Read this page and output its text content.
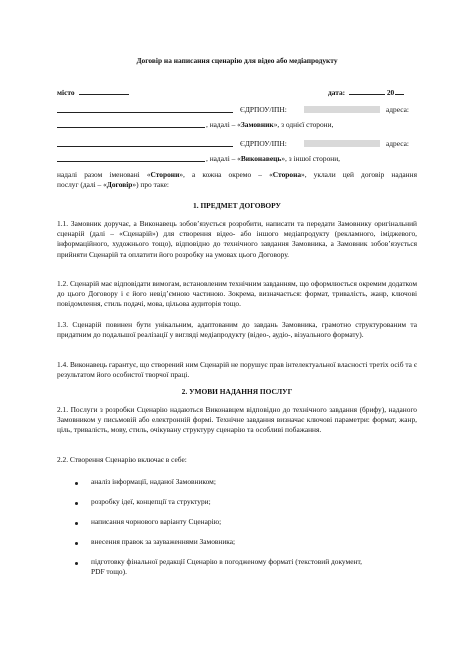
Договір на написання сценарію для відео або медіапродукту
місто	дата:	20
ЄДРПОУ/ІПН:	адреса:
, надалі – «Замовник», з однієї сторони,
ЄДРПОУ/ІПН:	адреса:
, надалі – «Виконавець», з іншої сторони,
надалі разом іменовані «Сторони», а кожна окремо – «Сторона», уклали цей договір надання
послуг (далі – «Договір») про таке:
1. ПРЕДМЕТ ДОГОВОРУ
1.1. Замовник доручає, а Виконавець зобов’язується розробити, написати та передати Замовнику оригінальний сценарій (далі – «Сценарій») для створення відео- або іншого медіапродукту (рекламного, іміджевого, інформаційного, художнього тощо), відповідно до технічного завдання Замовника, а Замовник зобов’язується прийняти Сценарій та оплатити його розробку на умовах цього Договору.
1.2. Сценарій має відповідати вимогам, встановленим технічним завданням, що оформлюється окремим додатком до цього Договору і є його невід’ємною частиною. Зокрема, визначається: формат, тривалість, жанр, ключові повідомлення, стиль подачі, мова, цільова аудиторія тощо.
1.3. Сценарій повинен бути унікальним, адаптованим до завдань Замовника, грамотно структурованим та придатним до подальшої реалізації у вигляді медіапродукту (відео-, аудіо-, візуального формату).
1.4. Виконавець гарантує, що створений ним Сценарій не порушує прав інтелектуальної власності третіх осіб та є результатом його особистої творчої праці.
2. УМОВИ НАДАННЯ ПОСЛУГ
2.1. Послуги з розробки Сценарію надаються Виконавцем відповідно до технічного завдання (брифу), наданого Замовником у письмовій або електронній формі. Технічне завдання визначає ключові параметри: формат, жанр, ціль, тривалість, мову, стиль, очікувану структуру сценарію та особливі побажання.
2.2. Створення Сценарію включає в себе:
аналіз інформації, наданої Замовником;
розробку ідеї, концепції та структури;
написання чорнового варіанту Сценарію;
внесення правок за зауваженнями Замовника;
підготовку фінальної редакції Сценарію в погодженому форматі (текстовий документ,
PDF тощо).
